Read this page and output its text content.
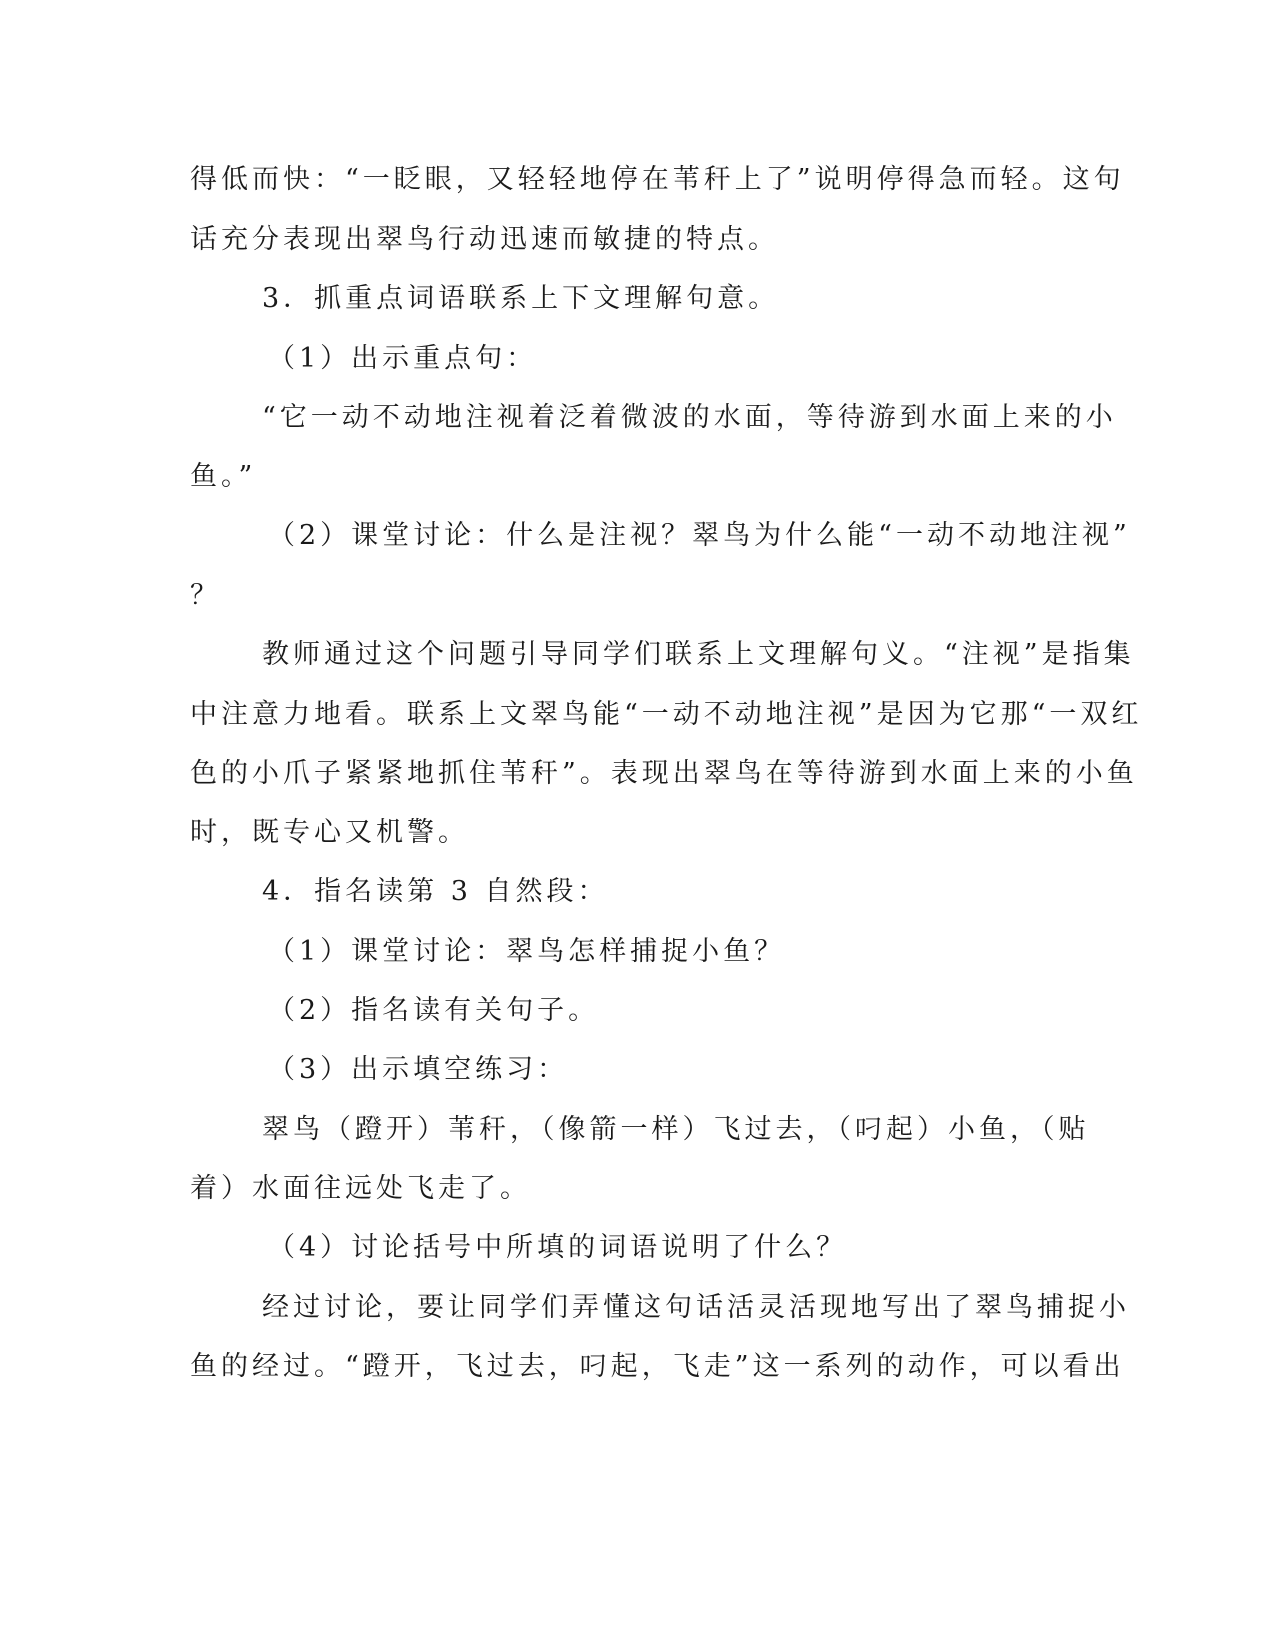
得低而快：“一眨眼，又轻轻地停在苇秆上了”说明停得急而轻。这句
话充分表现出翠鸟行动迅速而敏捷的特点。
3．抓重点词语联系上下文理解句意。
（1）出示重点句：
“它一动不动地注视着泛着微波的水面，等待游到水面上来的小
鱼。”
（2）课堂讨论：什么是注视？翠鸟为什么能“一动不动地注视”
？
教师通过这个问题引导同学们联系上文理解句义。“注视”是指集
中注意力地看。联系上文翠鸟能“一动不动地注视”是因为它那“一双红
色的小爪子紧紧地抓住苇秆”。表现出翠鸟在等待游到水面上来的小鱼
时，既专心又机警。
4．指名读第 3 自然段：
（1）课堂讨论：翠鸟怎样捕捉小鱼？
（2）指名读有关句子。
（3）出示填空练习：
翠鸟（蹬开）苇秆，（像箭一样）飞过去，（叼起）小鱼，（贴
着）水面往远处飞走了。
（4）讨论括号中所填的词语说明了什么？
经过讨论，要让同学们弄懂这句话活灵活现地写出了翠鸟捕捉小
鱼的经过。“蹬开，飞过去，叼起，飞走”这一系列的动作，可以看出
